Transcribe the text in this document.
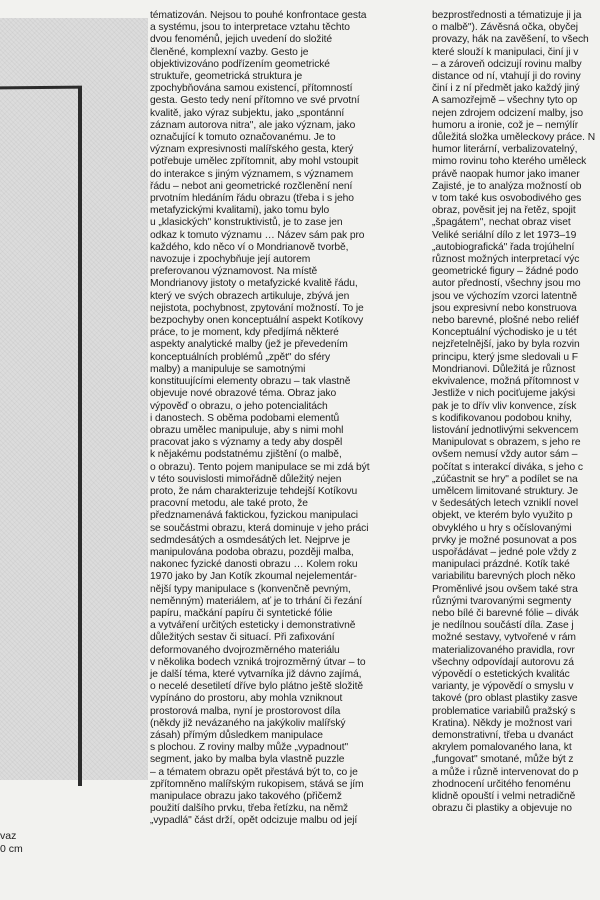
vaz
0 cm

tématizován. Nejsou to pouhé konfrontace gesta

a systému, jsou to interpretace vztahu těchto

dvou fenoménů, jejich uvedení do složité

členěné, komplexní vazby. Gesto je

objektivizováno podřízením geometrické

struktuře, geometrická struktura je

zpochybňována samou existencí, přítomností

gesta. Gesto tedy není přítomno ve své prvotní

kvalitě, jako výraz subjektu, jako „spontánní

záznam autorova nitra", ale jako význam, jako

označující k tomuto označovanému. Je to

význam expresivnosti malířského gesta, který

potřebuje umělec zpřítomnit, aby mohl vstoupit

do interakce s jiným významem, s významem

řádu – nebot ani geometrické rozčlenění není

prvotním hledáním řádu obrazu (třeba i s jeho

metafyzickými kvalitami), jako tomu bylo

u „klasických" konstruktivistů, je to zase jen

odkaz k tomuto významu … Název sám pak pro

každého, kdo něco ví o Mondrianově tvorbě,

navozuje i zpochybňuje její autorem

preferovanou významovost. Na místě

Mondrianovy jistoty o metafyzické kvalitě řádu,

který ve svých obrazech artikuluje, zbývá jen

nejistota, pochybnost, zpytování možností. To je

bezpochyby onen konceptuální aspekt Kotíkovy

práce, to je moment, kdy předjímá některé

aspekty analytické malby (jež je převedením

konceptuálních problémů „zpět" do sféry

malby) a manipuluje se samotnými

konstituujícími elementy obrazu – tak vlastně

objevuje nové obrazové téma. Obraz jako

výpověď o obrazu, o jeho potencialitách

i danostech. S oběma podobami elementů

obrazu umělec manipuluje, aby s nimi mohl

pracovat jako s významy a tedy aby dospěl

k nějakému podstatnému zjištění (o malbě,

o obrazu). Tento pojem manipulace se mi zdá být

v této souvislosti mimořádně důležitý nejen

proto, že nám charakterizuje tehdejší Kotíkovu

pracovní metodu, ale také proto, že

předznamenává faktickou, fyzickou manipulaci

se součástmi obrazu, která dominuje v jeho práci

sedmdesátých a osmdesátých let. Nejprve je

manipulována podoba obrazu, později malba,

nakonec fyzické danosti obrazu … Kolem roku

1970 jako by Jan Kotík zkoumal nejelementár-

nější typy manipulace s (konvenčně pevným,

neměnným) materiálem, ať je to trhání či řezání

papíru, mačkání papíru či syntetické fólie

a vytváření určitých esteticky i demonstrativně

důležitých sestav či situací. Při zafixování

deformovaného dvojrozměrného materiálu

v několika bodech vzniká trojrozměrný útvar – to

je další téma, které vytvarníka již dávno zajímá,

o necelé desetiletí dříve bylo plátno ještě složitě

vypínáno do prostoru, aby mohla vzniknout

prostorová malba, nyní je prostorovost díla

(někdy již nevázaného na jakýkoliv malířský

zásah) přímým důsledkem manipulace

s plochou. Z roviny malby může „vypadnout"

segment, jako by malba byla vlastně puzzle

– a tématem obrazu opět přestává být to, co je

zpřítomněno malířským rukopisem, stává se jím

manipulace obrazu jako takového (přičemž

použití dalšího prvku, třeba řetízku, na němž

„vypadlá" část drží, opět odcizuje malbu od její

bezprostřednosti a tématizuje ji ja

o malbě"). Závěsná očka, obyčej

provazy, hák na zavěšení, to všech

které slouží k manipulaci, činí ji v

– a zároveň odcizují rovinu malby

distance od ní, vtahují ji do roviny

činí i z ní předmět jako každý jiný

A samozřejmě – všechny tyto op

nejen zdrojem odcizení malby, jso

humoru a ironie, což je – nemýlír

důležitá složka uměleckovy práce. N

humor literární, verbalizovatelný,

mimo rovinu toho kterého uměleck

právě naopak humor jako imaner

Zajisté, je to analýza možností ob

v tom také kus osvobodivého ges

obraz, pověsit jej na řetěz, spojit

„špagátem", nechat obraz viset

Veliké seriální dílo z let 1973–19

„autobiografická" řada trojúhelní

různost možných interpretací výc

geometrické figury – žádné podo

autor předností, všechny jsou mo

jsou ve výchozím vzorci latentně

jsou expresivní nebo konstruova

nebo barevné, plošné nebo reliéf

Konceptuální východisko je u tét

nejzřetelnější, jako by byla rozvin

principu, který jsme sledovali u F

Mondrianovi. Důležitá je různost

ekvivalence, možná přítomnost v

Jestliže v nich pociťujeme jakýsi

pak je to dřív vliv konvence, získ

s kodifikovanou podobou knihy,

listování jednotlivými sekvencem

Manipulovat s obrazem, s jeho re

ovšem nemusí vždy autor sám –

počítat s interakcí diváka, s jeho c

„zúčastnit se hry" a podílet se na

umělcem limitované struktury. Je

v šedesátých letech vzniklí novel

objekt, ve kterém bylo využito p

obvyklého u hry s očíslovanými

prvky je možné posunovat a pos

uspořádávat – jedné pole vždy z

manipulaci prázdné. Kotík také

variabilitu barevných ploch něko

Proměnlivé jsou ovšem také stra

různými tvarovanými segmenty

nebo bílé či barevné fólie – divák

je nedílnou součástí díla. Zase j

možné sestavy, vytvořené v rám

materializovaného pravidla, rovr

všechny odpovídají autorovu zá

výpovědí o estetických kvalitác

varianty, je výpovědí o smyslu v

takové (pro oblast plastiky zasve

problematice variabilů pražský s

Kratina). Někdy je možnost vari

demonstrativní, třeba u dvanáct

akrylem pomalovaného lana, kt

„fungovat" smotané, může být z

a může i různě intervenovat do p

zhodnocení určitého fenoménu

klidně opouští i velmi netradičně

obrazu či plastiky a objevuje no
